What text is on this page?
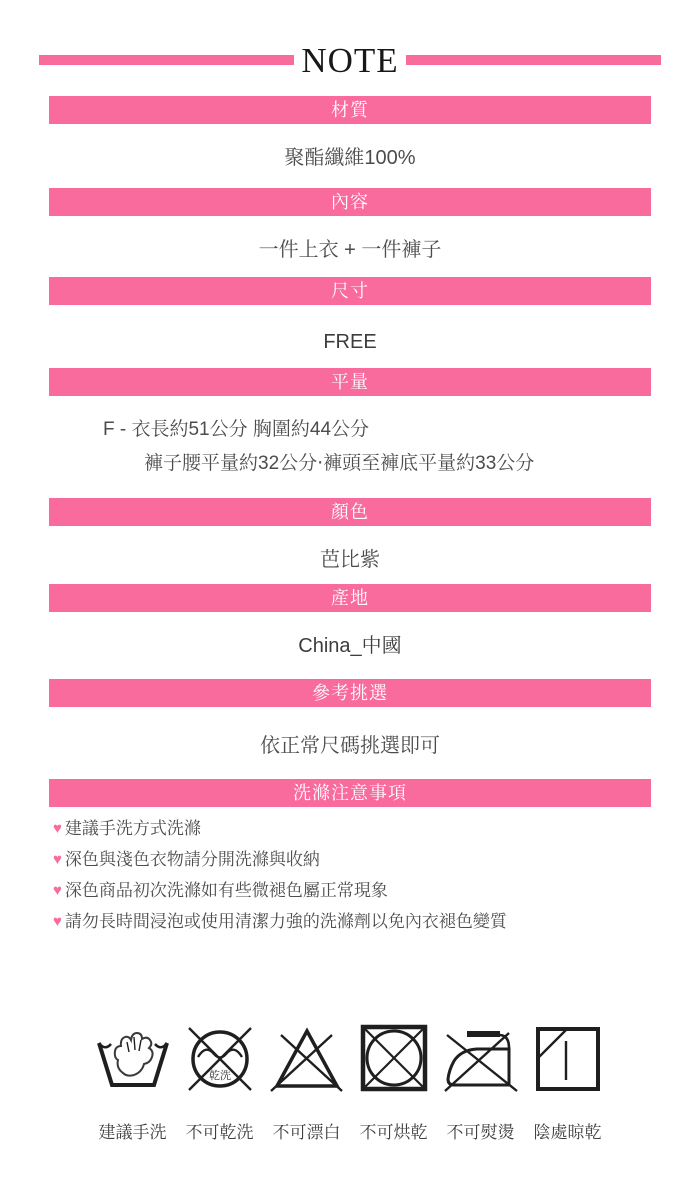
NOTE
材質
聚酯纖維100%
內容
一件上衣 + 一件褲子
尺寸
FREE
平量
F - 衣長約51公分 胸圍約44公分
褲子腰平量約32公分‧褲頭至褲底平量約33公分
顏色
芭比紫
產地
China_中國
參考挑選
依正常尺碼挑選即可
洗滌注意事項
♥ 建議手洗方式洗滌
♥ 深色與淺色衣物請分開洗滌與收納
♥ 深色商品初次洗滌如有些微褪色屬正常現象
♥ 請勿長時間浸泡或使用清潔力強的洗滌劑以免內衣褪色變質
建議手洗
乾洗
不可乾洗 不可漂白 不可烘乾 不可熨燙 陰處晾乾
